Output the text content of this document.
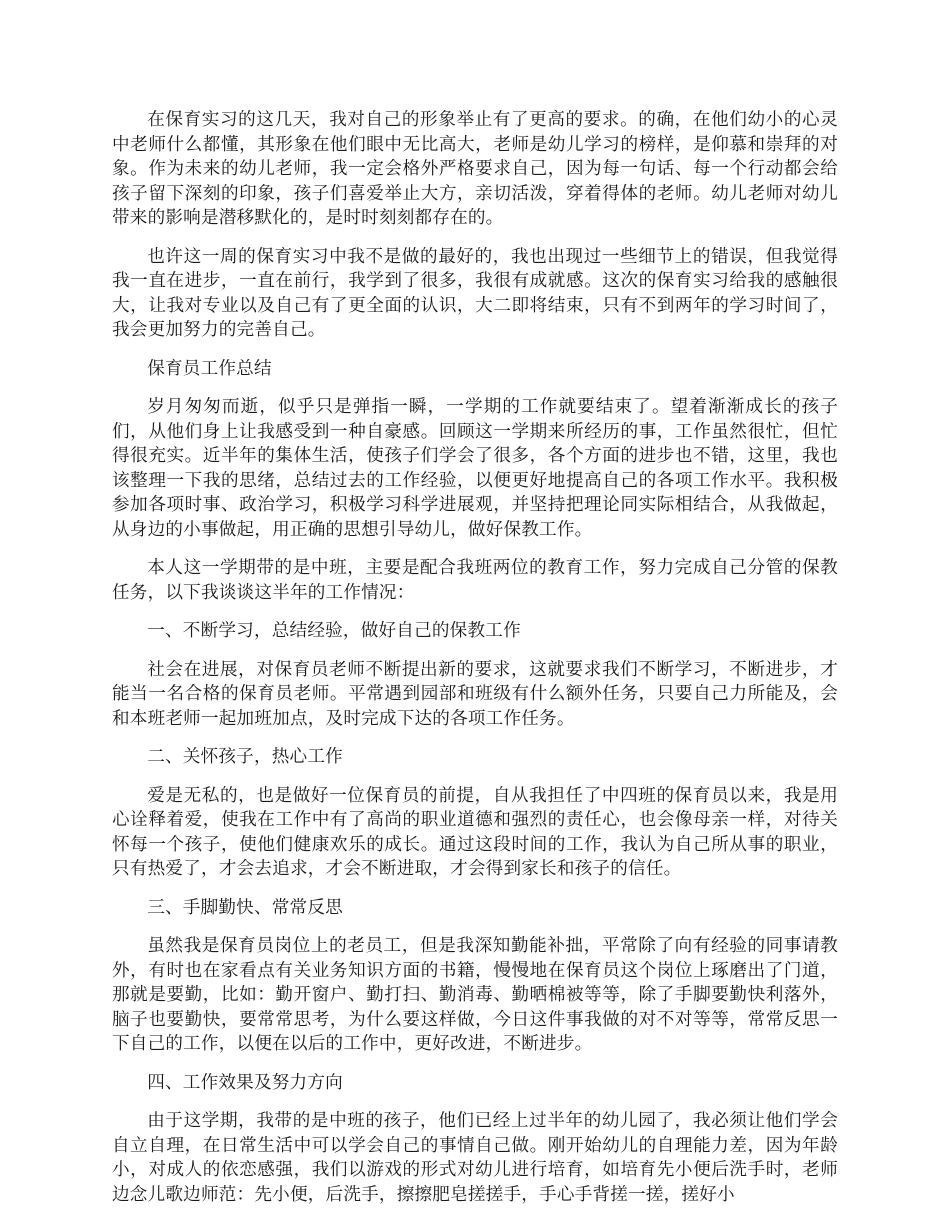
在保育实习的这几天，我对自己的形象举止有了更高的要求。的确，在他们幼小的心灵中老师什么都懂，其形象在他们眼中无比高大，老师是幼儿学习的榜样，是仰慕和崇拜的对象。作为未来的幼儿老师，我一定会格外严格要求自己，因为每一句话、每一个行动都会给孩子留下深刻的印象，孩子们喜爱举止大方，亲切活泼，穿着得体的老师。幼儿老师对幼儿带来的影响是潜移默化的，是时时刻刻都存在的。

也许这一周的保育实习中我不是做的最好的，我也出现过一些细节上的错误，但我觉得我一直在进步，一直在前行，我学到了很多，我很有成就感。这次的保育实习给我的感触很大，让我对专业以及自己有了更全面的认识，大二即将结束，只有不到两年的学习时间了，我会更加努力的完善自己。

保育员工作总结

岁月匆匆而逝，似乎只是弹指一瞬，一学期的工作就要结束了。望着渐渐成长的孩子们，从他们身上让我感受到一种自豪感。回顾这一学期来所经历的事，工作虽然很忙，但忙得很充实。近半年的集体生活，使孩子们学会了很多，各个方面的进步也不错，这里，我也该整理一下我的思绪，总结过去的工作经验，以便更好地提高自己的各项工作水平。我积极参加各项时事、政治学习，积极学习科学进展观，并坚持把理论同实际相结合，从我做起，从身边的小事做起，用正确的思想引导幼儿，做好保教工作。

本人这一学期带的是中班，主要是配合我班两位的教育工作，努力完成自己分管的保教任务，以下我谈谈这半年的工作情况：

一、不断学习，总结经验，做好自己的保教工作

社会在进展，对保育员老师不断提出新的要求，这就要求我们不断学习，不断进步，才能当一名合格的保育员老师。平常遇到园部和班级有什么额外任务，只要自己力所能及，会和本班老师一起加班加点，及时完成下达的各项工作任务。

二、关怀孩子，热心工作

爱是无私的，也是做好一位保育员的前提，自从我担任了中四班的保育员以来，我是用心诠释着爱，使我在工作中有了高尚的职业道德和强烈的责任心，也会像母亲一样，对待关怀每一个孩子，使他们健康欢乐的成长。通过这段时间的工作，我认为自己所从事的职业，只有热爱了，才会去追求，才会不断进取，才会得到家长和孩子的信任。

三、手脚勤快、常常反思

虽然我是保育员岗位上的老员工，但是我深知勤能补拙，平常除了向有经验的同事请教外，有时也在家看点有关业务知识方面的书籍，慢慢地在保育员这个岗位上琢磨出了门道，那就是要勤，比如：勤开窗户、勤打扫、勤消毒、勤晒棉被等等，除了手脚要勤快利落外，脑子也要勤快，要常常思考，为什么要这样做，今日这件事我做的对不对等等，常常反思一下自己的工作，以便在以后的工作中，更好改进，不断进步。

四、工作效果及努力方向

由于这学期，我带的是中班的孩子，他们已经上过半年的幼儿园了，我必须让他们学会自立自理，在日常生活中可以学会自己的事情自己做。刚开始幼儿的自理能力差，因为年龄小，对成人的依恋感强，我们以游戏的形式对幼儿进行培育，如培育先小便后洗手时，老师边念儿歌边师范：先小便，后洗手，擦擦肥皂搓搓手，手心手背搓一搓，搓好小
